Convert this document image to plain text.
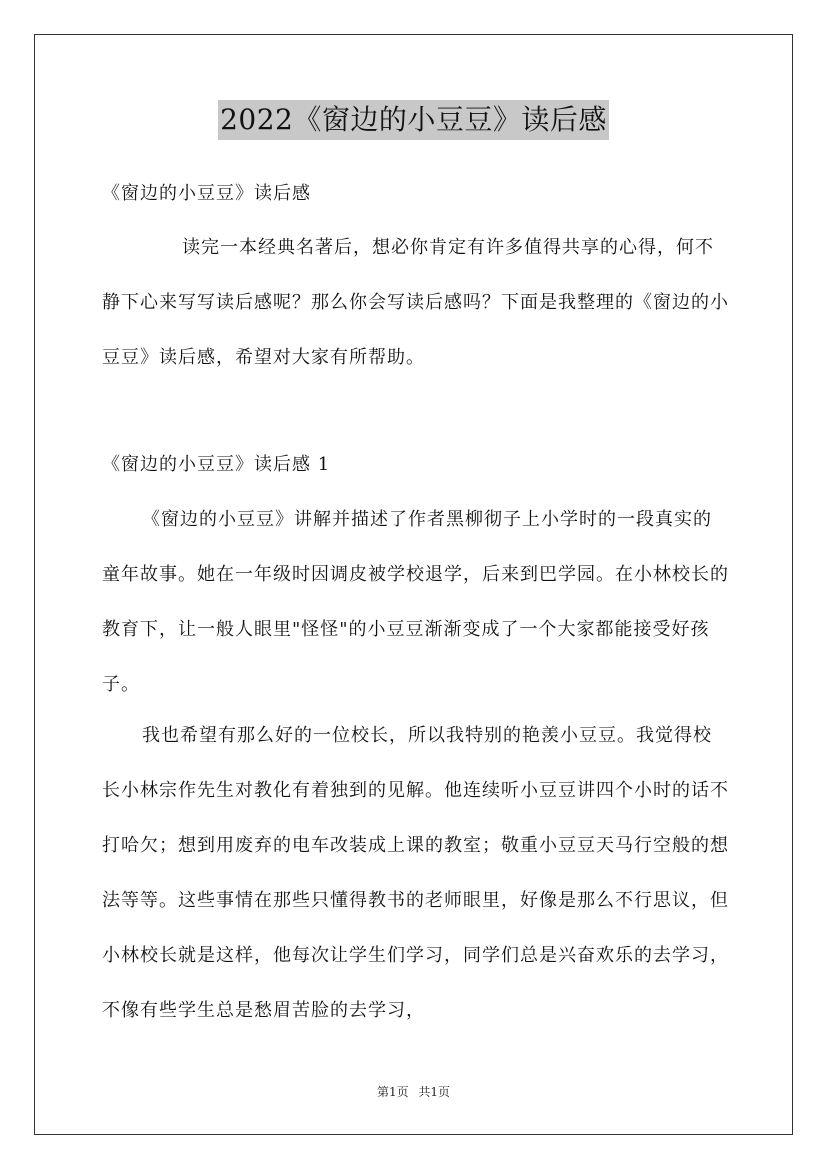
2022《窗边的小豆豆》读后感
《窗边的小豆豆》读后感
读完一本经典名著后，想必你肯定有许多值得共享的心得，何不静下心来写写读后感呢？那么你会写读后感吗？下面是我整理的《窗边的小豆豆》读后感，希望对大家有所帮助。
《窗边的小豆豆》读后感 1
《窗边的小豆豆》讲解并描述了作者黑柳彻子上小学时的一段真实的童年故事。她在一年级时因调皮被学校退学，后来到巴学园。在小林校长的教育下，让一般人眼里"怪怪"的小豆豆渐渐变成了一个大家都能接受好孩子。
我也希望有那么好的一位校长，所以我特别的艳羡小豆豆。我觉得校长小林宗作先生对教化有着独到的见解。他连续听小豆豆讲四个小时的话不打哈欠；想到用废弃的电车改装成上课的教室；敬重小豆豆天马行空般的想法等等。这些事情在那些只懂得教书的老师眼里，好像是那么不行思议，但小林校长就是这样，他每次让学生们学习，同学们总是兴奋欢乐的去学习，不像有些学生总是愁眉苦脸的去学习，
第1页 共1页
